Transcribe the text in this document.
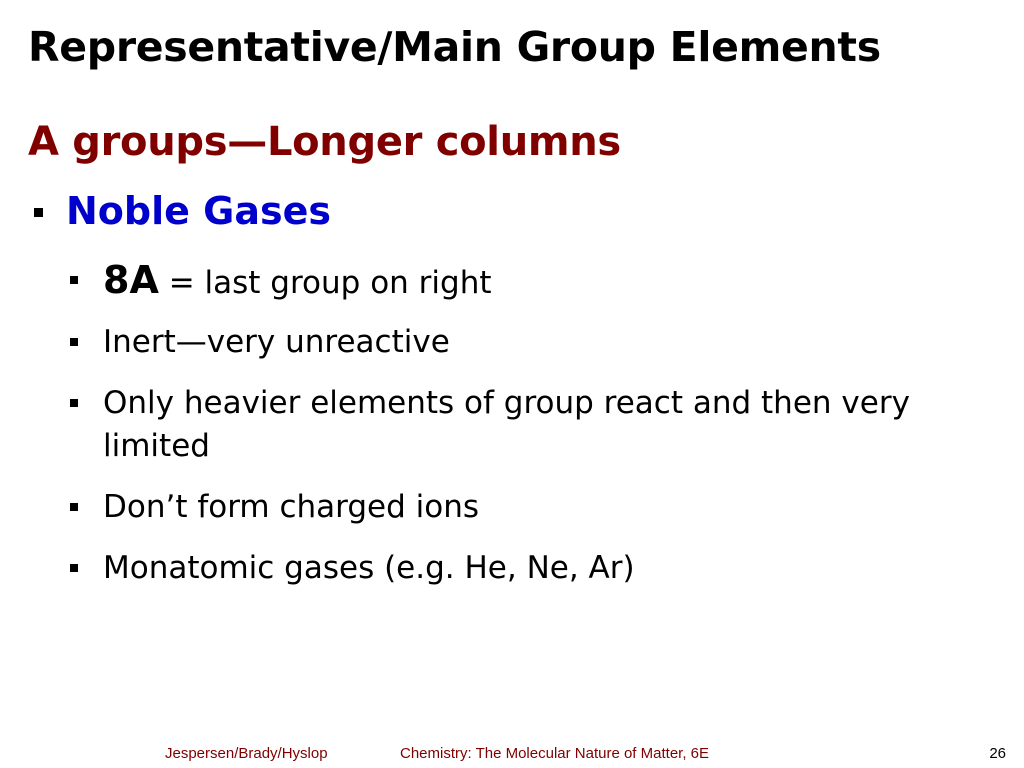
Representative/Main Group Elements
A groups—Longer columns
Noble Gases
8A = last group on right
Inert—very unreactive
Only heavier elements of group react and then very limited
Don’t form charged ions
Monatomic gases (e.g. He, Ne, Ar)
Jespersen/Brady/Hyslop	Chemistry: The Molecular Nature of Matter, 6E	26
